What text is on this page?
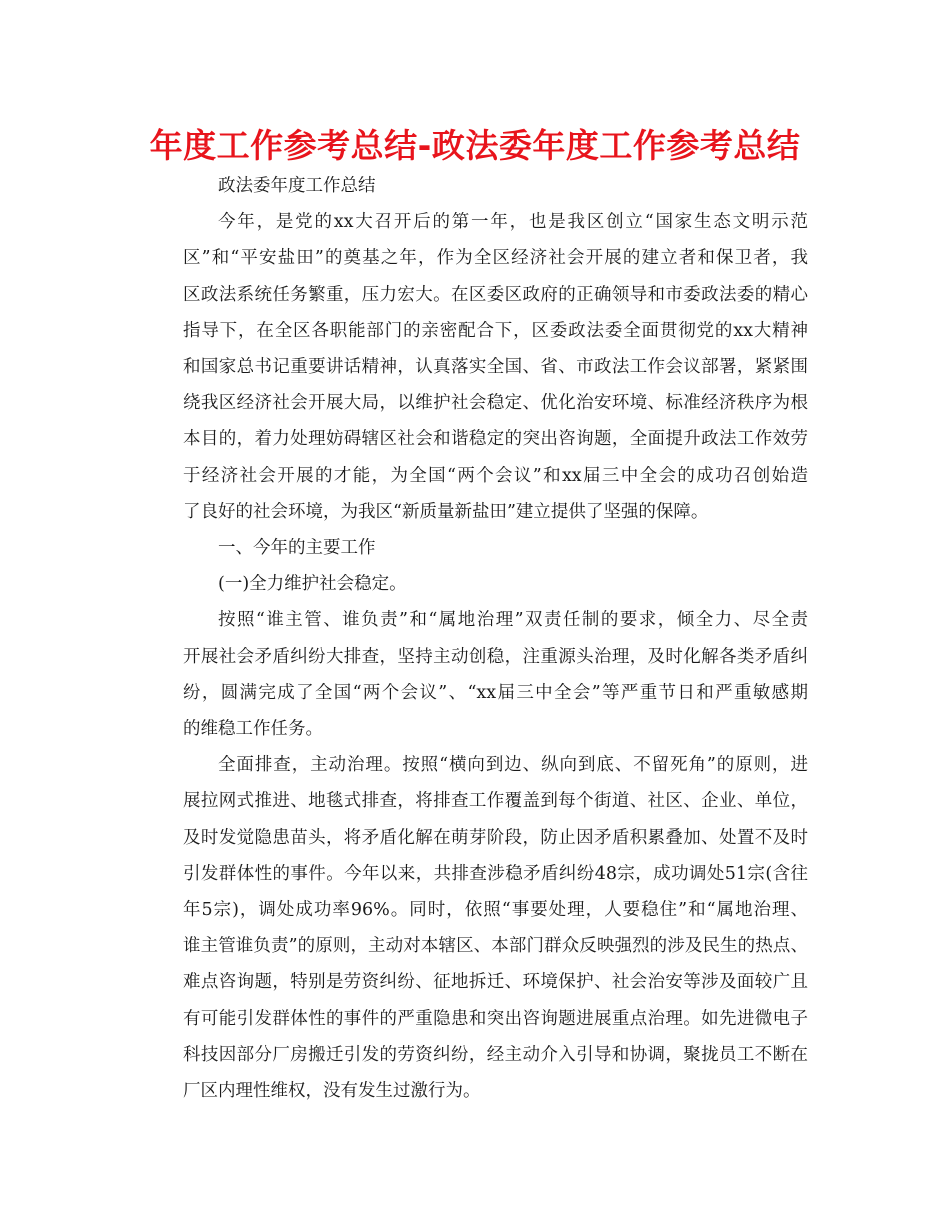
年度工作参考总结-政法委年度工作参考总结
政法委年度工作总结
今年，是党的xx大召开后的第一年，也是我区创立“国家生态文明示范
区”和“平安盐田”的奠基之年，作为全区经济社会开展的建立者和保卫者，我
区政法系统任务繁重，压力宏大。在区委区政府的正确领导和市委政法委的精心
指导下，在全区各职能部门的亲密配合下，区委政法委全面贯彻党的xx大精神
和国家总书记重要讲话精神，认真落实全国、省、市政法工作会议部署，紧紧围
绕我区经济社会开展大局，以维护社会稳定、优化治安环境、标准经济秩序为根
本目的，着力处理妨碍辖区社会和谐稳定的突出咨询题，全面提升政法工作效劳
于经济社会开展的才能，为全国“两个会议”和xx届三中全会的成功召创始造
了良好的社会环境，为我区“新质量新盐田”建立提供了坚强的保障。
一、今年的主要工作
(一)全力维护社会稳定。
按照“谁主管、谁负责”和“属地治理”双责任制的要求，倾全力、尽全责
开展社会矛盾纠纷大排查，坚持主动创稳，注重源头治理，及时化解各类矛盾纠
纷，圆满完成了全国“两个会议”、“xx届三中全会”等严重节日和严重敏感期
的维稳工作任务。
全面排查，主动治理。按照“横向到边、纵向到底、不留死角”的原则，进
展拉网式推进、地毯式排查，将排查工作覆盖到每个街道、社区、企业、单位，
及时发觉隐患苗头，将矛盾化解在萌芽阶段，防止因矛盾积累叠加、处置不及时
引发群体性的事件。今年以来，共排查涉稳矛盾纠纷48宗，成功调处51宗(含往
年5宗)，调处成功率96%。同时，依照“事要处理，人要稳住”和“属地治理、
谁主管谁负责”的原则，主动对本辖区、本部门群众反映强烈的涉及民生的热点、
难点咨询题，特别是劳资纠纷、征地拆迁、环境保护、社会治安等涉及面较广且
有可能引发群体性的事件的严重隐患和突出咨询题进展重点治理。如先进微电子
科技因部分厂房搬迁引发的劳资纠纷，经主动介入引导和协调，聚拢员工不断在
厂区内理性维权，没有发生过激行为。
